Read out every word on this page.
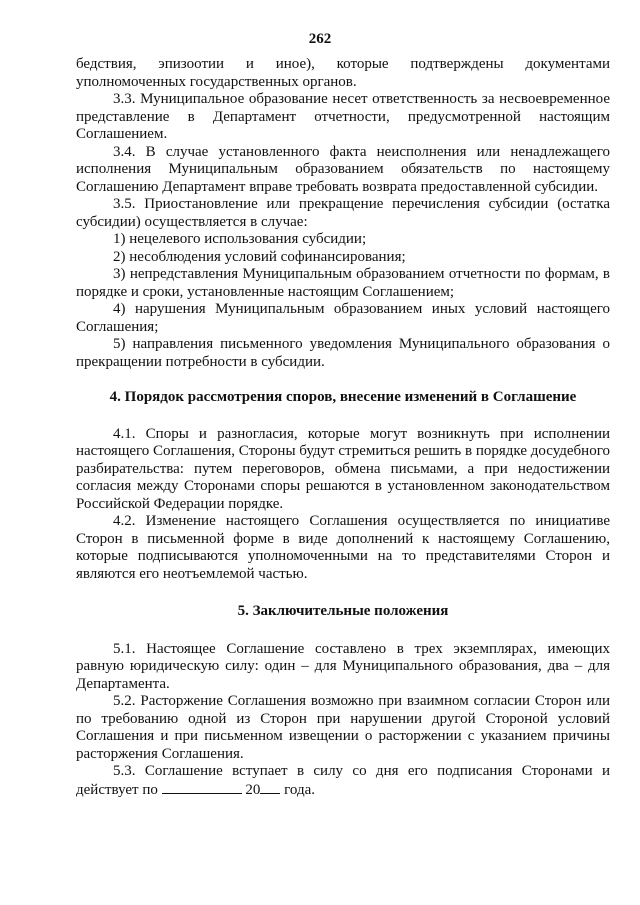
262

бедствия, эпизоотии и иное), которые подтверждены документами уполномоченных государственных органов.

3.3. Муниципальное образование несет ответственность за несвоевременное представление в Департамент отчетности, предусмотренной настоящим Соглашением.

3.4. В случае установленного факта неисполнения или ненадлежащего исполнения Муниципальным образованием обязательств по настоящему Соглашению Департамент вправе требовать возврата предоставленной субсидии.

3.5. Приостановление или прекращение перечисления субсидии (остатка субсидии) осуществляется в случае:

1) нецелевого использования субсидии;

2) несоблюдения условий софинансирования;

3) непредставления Муниципальным образованием отчетности по формам, в порядке и сроки, установленные настоящим Соглашением;

4) нарушения Муниципальным образованием иных условий настоящего Соглашения;

5) направления письменного уведомления Муниципального образования о прекращении потребности в субсидии.

4. Порядок рассмотрения споров, внесение изменений в Соглашение

4.1. Споры и разногласия, которые могут возникнуть при исполнении настоящего Соглашения, Стороны будут стремиться решить в порядке досудебного разбирательства: путем переговоров, обмена письмами, а при недостижении согласия между Сторонами споры решаются в установленном законодательством Российской Федерации порядке.

4.2. Изменение настоящего Соглашения осуществляется по инициативе Сторон в письменной форме в виде дополнений к настоящему Соглашению, которые подписываются уполномоченными на то представителями Сторон и являются его неотъемлемой частью.

5. Заключительные положения

5.1. Настоящее Соглашение составлено в трех экземплярах, имеющих равную юридическую силу: один – для Муниципального образования, два – для Департамента.

5.2. Расторжение Соглашения возможно при взаимном согласии Сторон или по требованию одной из Сторон при нарушении другой Стороной условий Соглашения и при письменном извещении о расторжении с указанием причины расторжения Соглашения.

5.3. Соглашение вступает в силу со дня его подписания Сторонами и действует по	20 года.
